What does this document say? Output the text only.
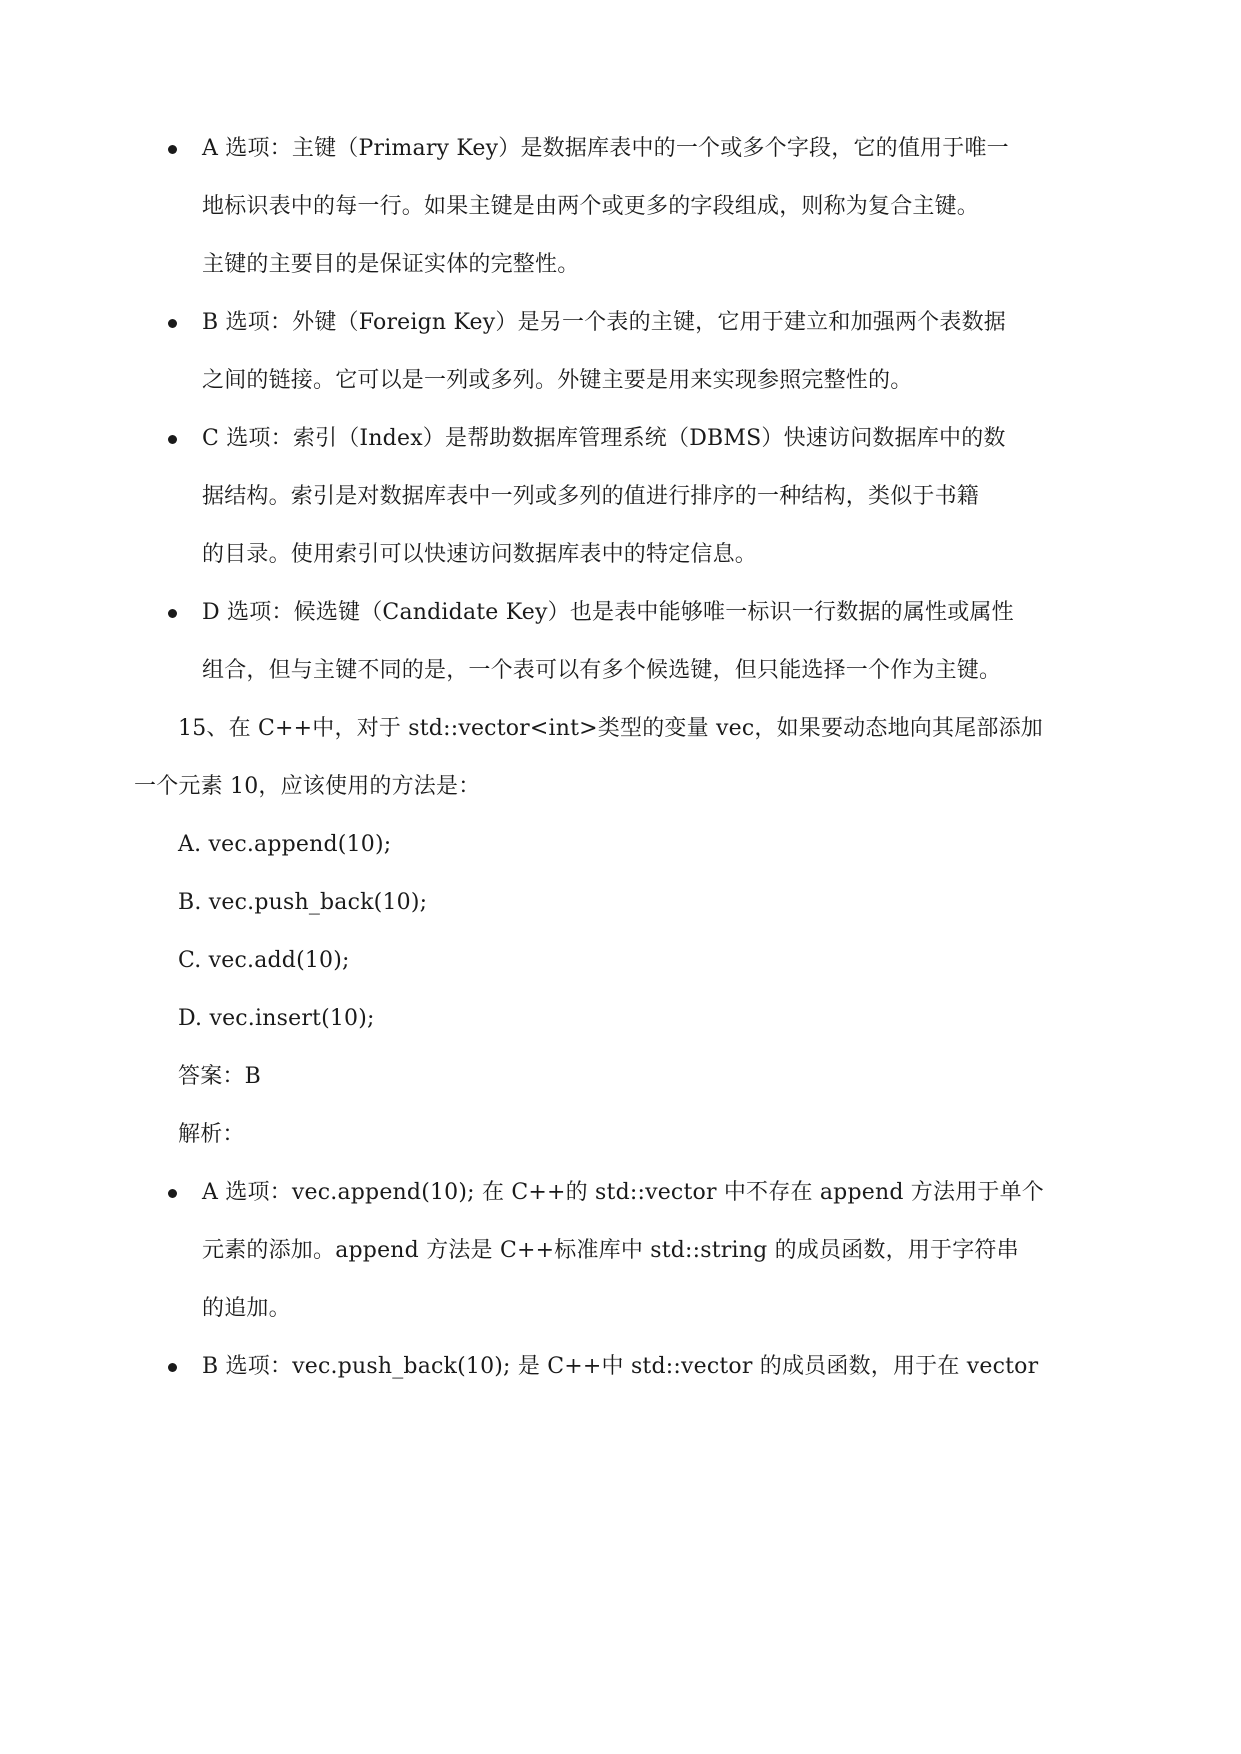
A 选项：主键（Primary Key）是数据库表中的一个或多个字段，它的值用于唯一
地标识表中的每一行。如果主键是由两个或更多的字段组成，则称为复合主键。
主键的主要目的是保证实体的完整性。
B 选项：外键（Foreign Key）是另一个表的主键，它用于建立和加强两个表数据
之间的链接。它可以是一列或多列。外键主要是用来实现参照完整性的。
C 选项：索引（Index）是帮助数据库管理系统（DBMS）快速访问数据库中的数
据结构。索引是对数据库表中一列或多列的值进行排序的一种结构，类似于书籍
的目录。使用索引可以快速访问数据库表中的特定信息。
D 选项：候选键（Candidate Key）也是表中能够唯一标识一行数据的属性或属性
组合，但与主键不同的是，一个表可以有多个候选键，但只能选择一个作为主键。
15、在 C++中，对于 std::vector<int>类型的变量 vec，如果要动态地向其尾部添加
一个元素 10，应该使用的方法是：
A. vec.append(10);
B. vec.push_back(10);
C. vec.add(10);
D. vec.insert(10);
答案：B
解析：
A 选项：vec.append(10); 在 C++的 std::vector 中不存在 append 方法用于单个
元素的添加。append 方法是 C++标准库中 std::string 的成员函数，用于字符串
的追加。
B 选项：vec.push_back(10); 是 C++中 std::vector 的成员函数，用于在 vector
